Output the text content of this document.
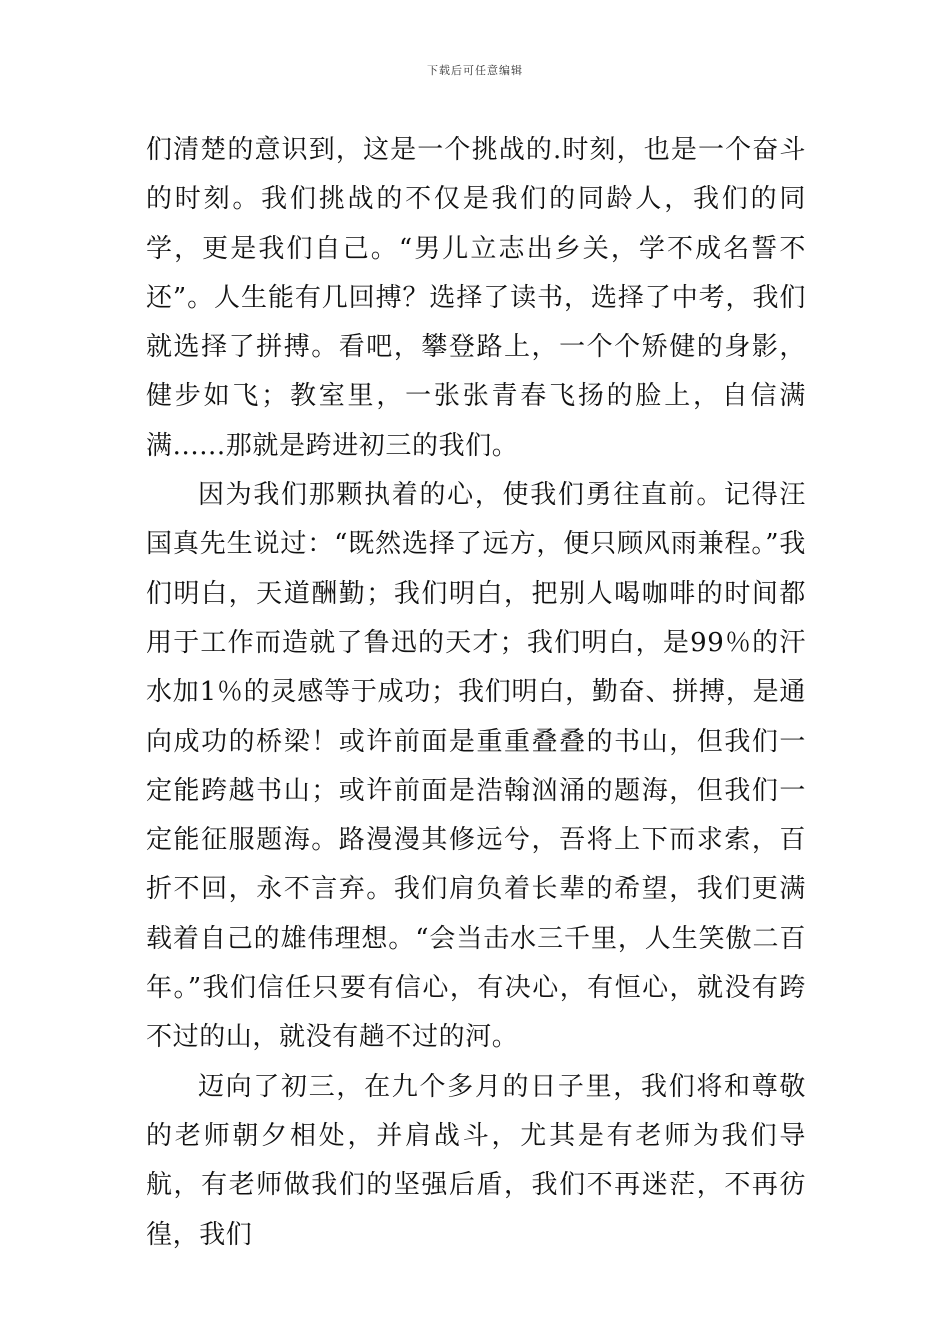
下载后可任意编辑

们清楚的意识到，这是一个挑战的.时刻，也是一个奋斗的时刻。我们挑战的不仅是我们的同龄人，我们的同学，更是我们自己。“男儿立志出乡关，学不成名誓不还”。人生能有几回搏？选择了读书，选择了中考，我们就选择了拼搏。看吧，攀登路上，一个个矫健的身影，健步如飞；教室里，一张张青春飞扬的脸上，自信满满......那就是跨进初三的我们。

因为我们那颗执着的心，使我们勇往直前。记得汪国真先生说过：“既然选择了远方，便只顾风雨兼程。”我们明白，天道酬勤；我们明白，把别人喝咖啡的时间都用于工作而造就了鲁迅的天才；我们明白，是99％的汗水加1％的灵感等于成功；我们明白，勤奋、拼搏，是通向成功的桥梁！或许前面是重重叠叠的书山，但我们一定能跨越书山；或许前面是浩翰汹涌的题海，但我们一定能征服题海。路漫漫其修远兮，吾将上下而求索，百折不回，永不言弃。我们肩负着长辈的希望，我们更满载着自己的雄伟理想。“会当击水三千里，人生笑傲二百年。”我们信任只要有信心，有决心，有恒心，就没有跨不过的山，就没有趟不过的河。

迈向了初三，在九个多月的日子里，我们将和尊敬的老师朝夕相处，并肩战斗，尤其是有老师为我们导航，有老师做我们的坚强后盾，我们不再迷茫，不再彷徨，我们
